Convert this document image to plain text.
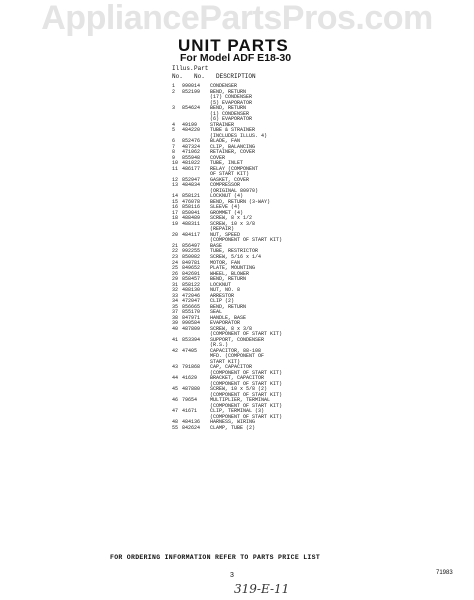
AppliancePartsPros.com
UNIT PARTS
For Model ADF E18-30
Illus. Part
No. No. DESCRIPTION
1	990014	CONDENSER
2	852199	BEND, RETURN
(17) CONDENSER
(5) EVAPORATOR
3	854624	BEND, RETURN
(1) CONDENSER
(6) EVAPORATOR
4	49199	STRAINER
5	484220	TUBE & STRAINER
(INCLUDES ILLUS. 4)
6	852476	BLADE, FAN
7	487324	CLIP, BALANCING
8	471062	RETAINER, COVER
9	855948	COVER
10 481022	TUBE, INLET
11 486177	RELAY (COMPONENT
OF START KIT)
12 852947	GASKET, COVER
13 484834	COMPRESSOR
(ORIGINAL 80970)
14 858121	LOCKNUT (4)
15 476078	BEND, RETURN (3-WAY)
16 858116	SLEEVE (4)
17 850041	GROMMET (4)
18 488489	SCREW, 8 x 1/2
19 488311	SCREW, 10 x 3/8
(REPAIR)
20 484117	NUT, SPEED
(COMPONENT OF START KIT)
21 856497	BASE
22 992255	TUBE, RESTRICTOR
23 850082	SCREW, 5/16 x 1/4
24 849781	MOTOR, FAN
25 849652	PLATE, MOUNTING
26 842691	WHEEL, BLOWER
29 858457	BEND, RETURN
31 858122	LOCKNUT
32 488130	NUT, NO. 8
33 472046	ARRESTOR
34 472047	CLIP (2)
35 856665	BEND, RETURN
37 855170	SEAL
38 847971	HANDLE, BASE
39 990584	EVAPORATOR
40 487809	SCREW, 8 x 3/8
(COMPONENT OF START KIT)
41 853394	SUPPORT, CONDENSER
(R.S.)
42 47405	CAPACITOR, 88-108
MFD. (COMPONENT OF
START KIT)
43 791868	CAP, CAPACITOR
(COMPONENT OF START KIT)
44 41629	BRACKET, CAPACITOR
(COMPONENT OF START KIT)
45 487880	SCREW, 10 x 5/8 (2)
(COMPONENT OF START KIT)
46 79654	MULTIPLIER, TERMINAL
(COMPONENT OF START KIT)
47 41671	CLIP, TERMINAL (3)
(COMPONENT OF START KIT)
48 484136	HARNESS, WIRING
55 842624	CLAMP, TUBE (2)
FOR ORDERING INFORMATION REFER TO PARTS PRICE LIST
3	71983
319-E-11
